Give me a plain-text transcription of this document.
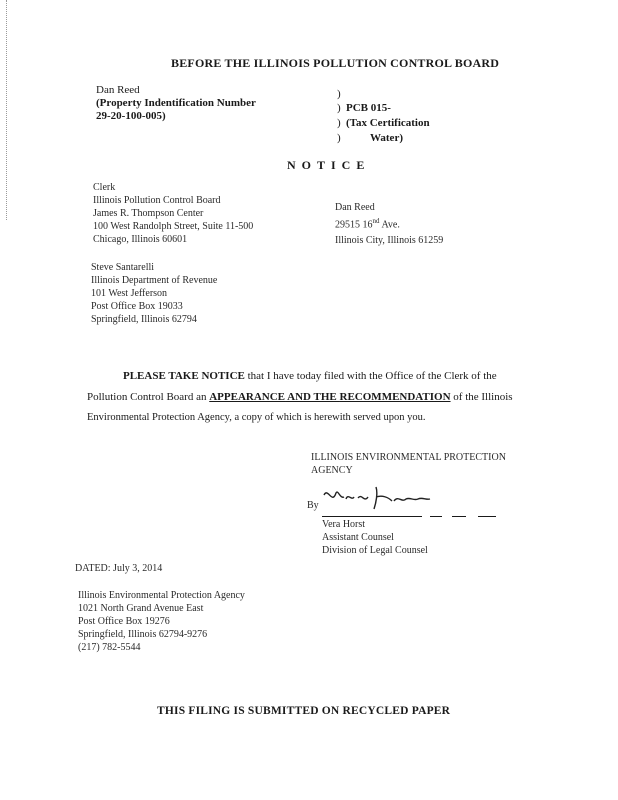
BEFORE THE ILLINOIS POLLUTION CONTROL BOARD
Dan Reed
(Property Indentification Number
29-20-100-005)
)
)
)
)
PCB 015-
(Tax Certification
Water)
NOTICE
Clerk
Illinois Pollution Control Board
James R. Thompson Center
100 West Randolph Street, Suite 11-500
Chicago, Illinois 60601
Dan Reed
29515 16nd Ave.
Illinois City, Illinois 61259
Steve Santarelli
Illinois Department of Revenue
101 West Jefferson
Post Office Box 19033
Springfield, Illinois 62794
PLEASE TAKE NOTICE that I have today filed with the Office of the Clerk of the
Pollution Control Board an APPEARANCE AND THE RECOMMENDATION of the Illinois
Environmental Protection Agency, a copy of which is herewith served upon you.
ILLINOIS ENVIRONMENTAL PROTECTION
AGENCY
By
Vera Horst
Assistant Counsel
Division of Legal Counsel
DATED: July 3, 2014
Illinois Environmental Protection Agency
1021 North Grand Avenue East
Post Office Box 19276
Springfield, Illinois 62794-9276
(217) 782-5544
THIS FILING IS SUBMITTED ON RECYCLED PAPER
